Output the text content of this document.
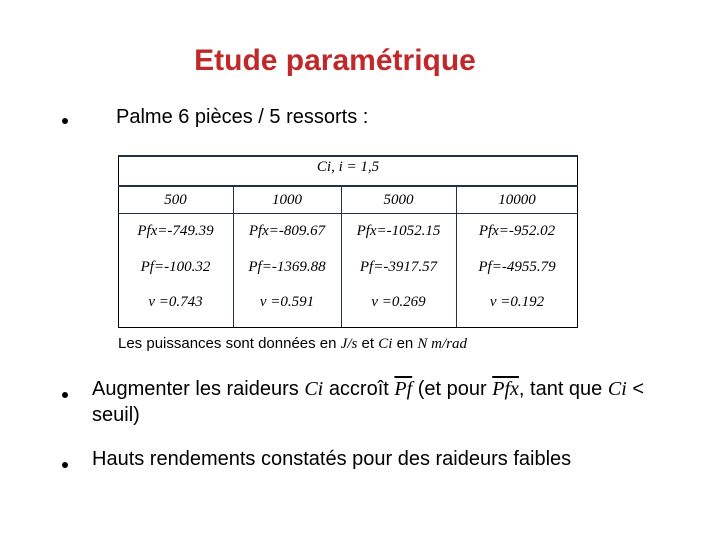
Etude paramétrique
Palme 6 pièces / 5 ressorts :
Ci, i = 1,5
500	1000	5000	10000
Pfx=-749.39	Pfx=-809.67	Pfx=-1052.15	Pfx=-952.02
Pf=-100.32	Pf=-1369.88	Pf=-3917.57	Pf=-4955.79
ν =0.743	ν =0.591	ν =0.269	ν =0.192
Les puissances sont données en J/s et Ci en N m/rad
Augmenter les raideurs Ci accroît $\overline{Pf}$ (et pour $\overline{Pfx}$, tant que Ci < seuil)
Hauts rendements constatés pour des raideurs faibles
